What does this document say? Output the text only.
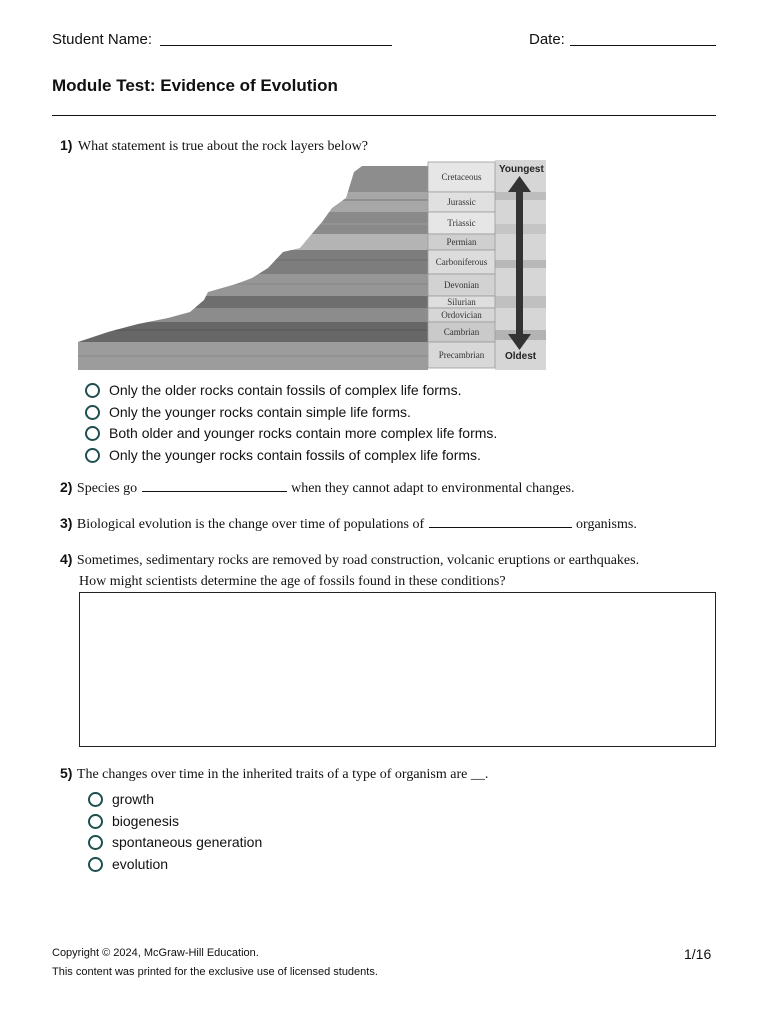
Student Name:	Date:
Module Test: Evidence of Evolution
1) What statement is true about the rock layers below?
Cretaceous
Jurassic
Triassic
Permian
Carboniferous
Devonian
Silurian
Ordovician
Cambrian
Precambrian
Youngest
Oldest
Only the older rocks contain fossils of complex life forms.
Only the younger rocks contain simple life forms.
Both older and younger rocks contain more complex life forms.
Only the younger rocks contain fossils of complex life forms.
2) Species go	when they cannot adapt to environmental changes.
3) Biological evolution is the change over time of populations of	organisms.
4) Sometimes, sedimentary rocks are removed by road construction, volcanic eruptions or earthquakes.
How might scientists determine the age of fossils found in these conditions?
5) The changes over time in the inherited traits of a type of organism are __.
growth
biogenesis
spontaneous generation
evolution
Copyright © 2024, McGraw-Hill Education.
This content was printed for the exclusive use of licensed students.
1/16
